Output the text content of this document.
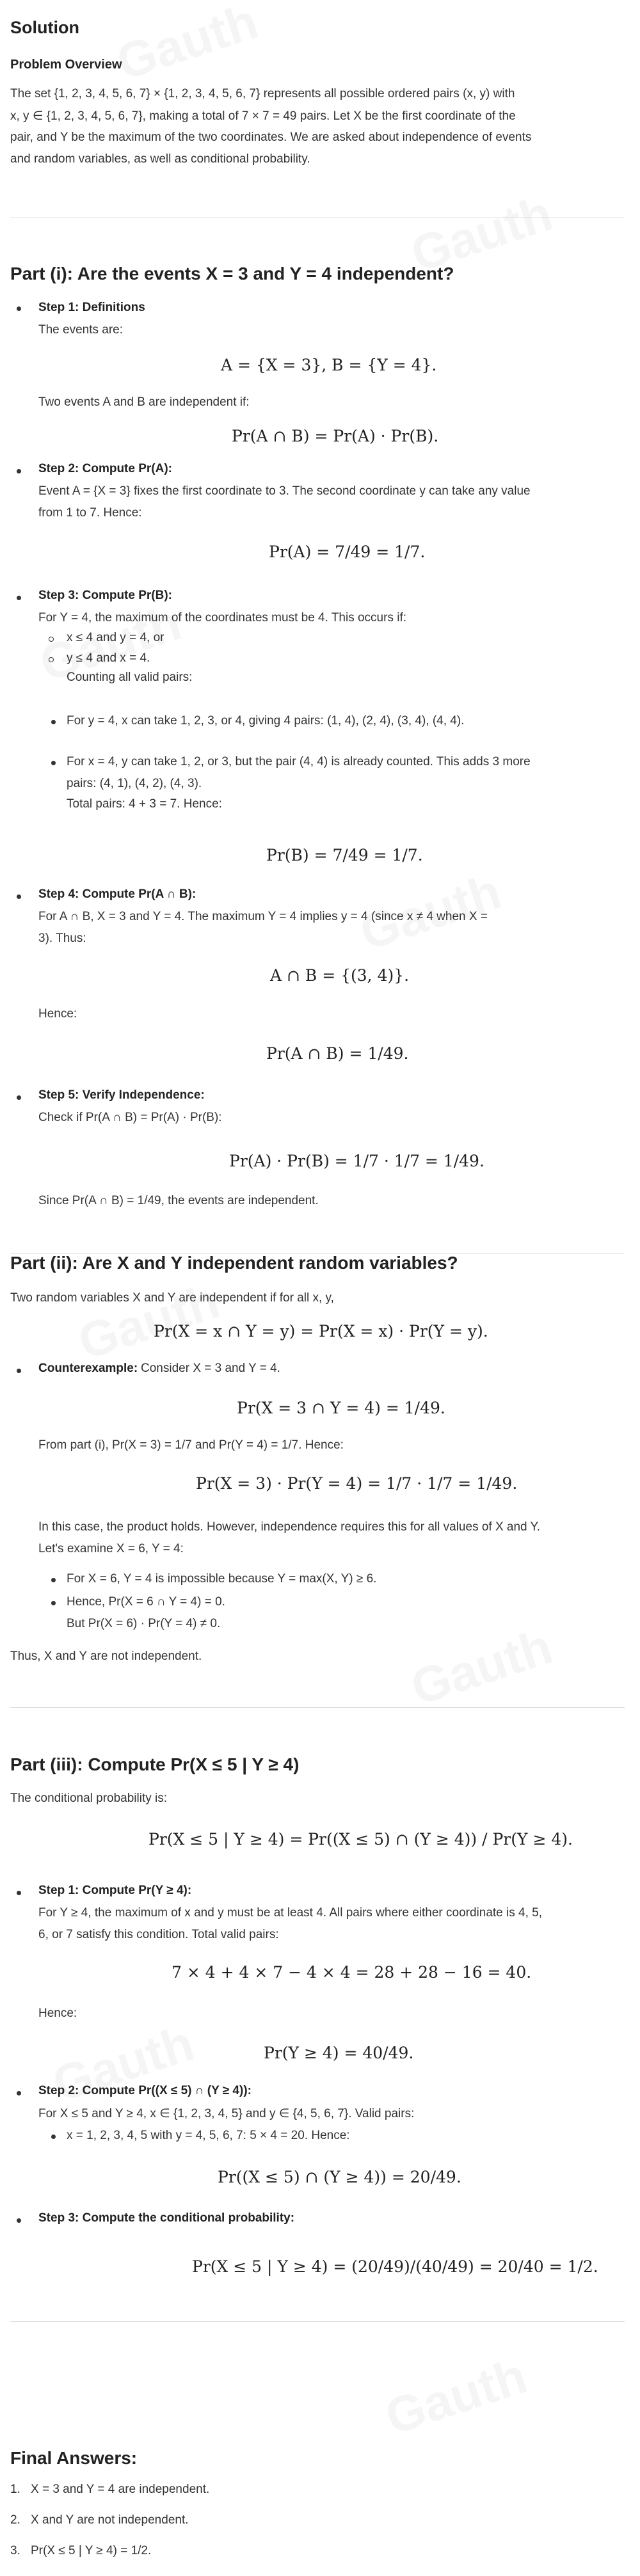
Solution
Problem Overview
The set {1, 2, 3, 4, 5, 6, 7} × {1, 2, 3, 4, 5, 6, 7} represents all possible ordered pairs (x, y) with
x, y ∈ {1, 2, 3, 4, 5, 6, 7}, making a total of 7 × 7 = 49 pairs. Let X be the first coordinate of the
pair, and Y be the maximum of the two coordinates. We are asked about independence of events
and random variables, as well as conditional probability.
Part (i): Are the events X = 3 and Y = 4 independent?
Step 1: Definitions
The events are:
A = {X = 3}, B = {Y = 4}.
Two events A and B are independent if:
Pr(A ∩ B) = Pr(A) · Pr(B).
Step 2: Compute Pr(A):
Event A = {X = 3} fixes the first coordinate to 3. The second coordinate y can take any value
from 1 to 7. Hence:
Pr(A) = 7/49 = 1/7.
Step 3: Compute Pr(B):
For Y = 4, the maximum of the coordinates must be 4. This occurs if:
x ≤ 4 and y = 4, or
y ≤ 4 and x = 4.
Counting all valid pairs:
For y = 4, x can take 1, 2, 3, or 4, giving 4 pairs: (1, 4), (2, 4), (3, 4), (4, 4).
For x = 4, y can take 1, 2, or 3, but the pair (4, 4) is already counted. This adds 3 more
pairs: (4, 1), (4, 2), (4, 3).
Total pairs: 4 + 3 = 7. Hence:
Pr(B) = 7/49 = 1/7.
Step 4: Compute Pr(A ∩ B):
For A ∩ B, X = 3 and Y = 4. The maximum Y = 4 implies y = 4 (since x ≠ 4 when X =
3). Thus:
A ∩ B = {(3, 4)}.
Hence:
Pr(A ∩ B) = 1/49.
Step 5: Verify Independence:
Check if Pr(A ∩ B) = Pr(A) · Pr(B):
Pr(A) · Pr(B) = 1/7 · 1/7 = 1/49.
Since Pr(A ∩ B) = 1/49, the events are independent.
Part (ii): Are X and Y independent random variables?
Two random variables X and Y are independent if for all x, y,
Pr(X = x ∩ Y = y) = Pr(X = x) · Pr(Y = y).
Counterexample: Consider X = 3 and Y = 4.
Pr(X = 3 ∩ Y = 4) = 1/49.
From part (i), Pr(X = 3) = 1/7 and Pr(Y = 4) = 1/7. Hence:
Pr(X = 3) · Pr(Y = 4) = 1/7 · 1/7 = 1/49.
In this case, the product holds. However, independence requires this for all values of X and Y.
Let's examine X = 6, Y = 4:
For X = 6, Y = 4 is impossible because Y = max(X, Y) ≥ 6.
Hence, Pr(X = 6 ∩ Y = 4) = 0.
But Pr(X = 6) · Pr(Y = 4) ≠ 0.
Thus, X and Y are not independent.
Part (iii): Compute Pr(X ≤ 5 | Y ≥ 4)
The conditional probability is:
Pr(X ≤ 5 | Y ≥ 4) = Pr((X ≤ 5) ∩ (Y ≥ 4)) / Pr(Y ≥ 4).
Step 1: Compute Pr(Y ≥ 4):
For Y ≥ 4, the maximum of x and y must be at least 4. All pairs where either coordinate is 4, 5,
6, or 7 satisfy this condition. Total valid pairs:
7 × 4 + 4 × 7 − 4 × 4 = 28 + 28 − 16 = 40.
Hence:
Pr(Y ≥ 4) = 40/49.
Step 2: Compute Pr((X ≤ 5) ∩ (Y ≥ 4)):
For X ≤ 5 and Y ≥ 4, x ∈ {1, 2, 3, 4, 5} and y ∈ {4, 5, 6, 7}. Valid pairs:
x = 1, 2, 3, 4, 5 with y = 4, 5, 6, 7: 5 × 4 = 20. Hence:
Pr((X ≤ 5) ∩ (Y ≥ 4)) = 20/49.
Step 3: Compute the conditional probability:
Pr(X ≤ 5 | Y ≥ 4) = (20/49)/(40/49) = 20/40 = 1/2.
Final Answers:
1. X = 3 and Y = 4 are independent.
2. X and Y are not independent.
3. Pr(X ≤ 5 | Y ≥ 4) = 1/2.
